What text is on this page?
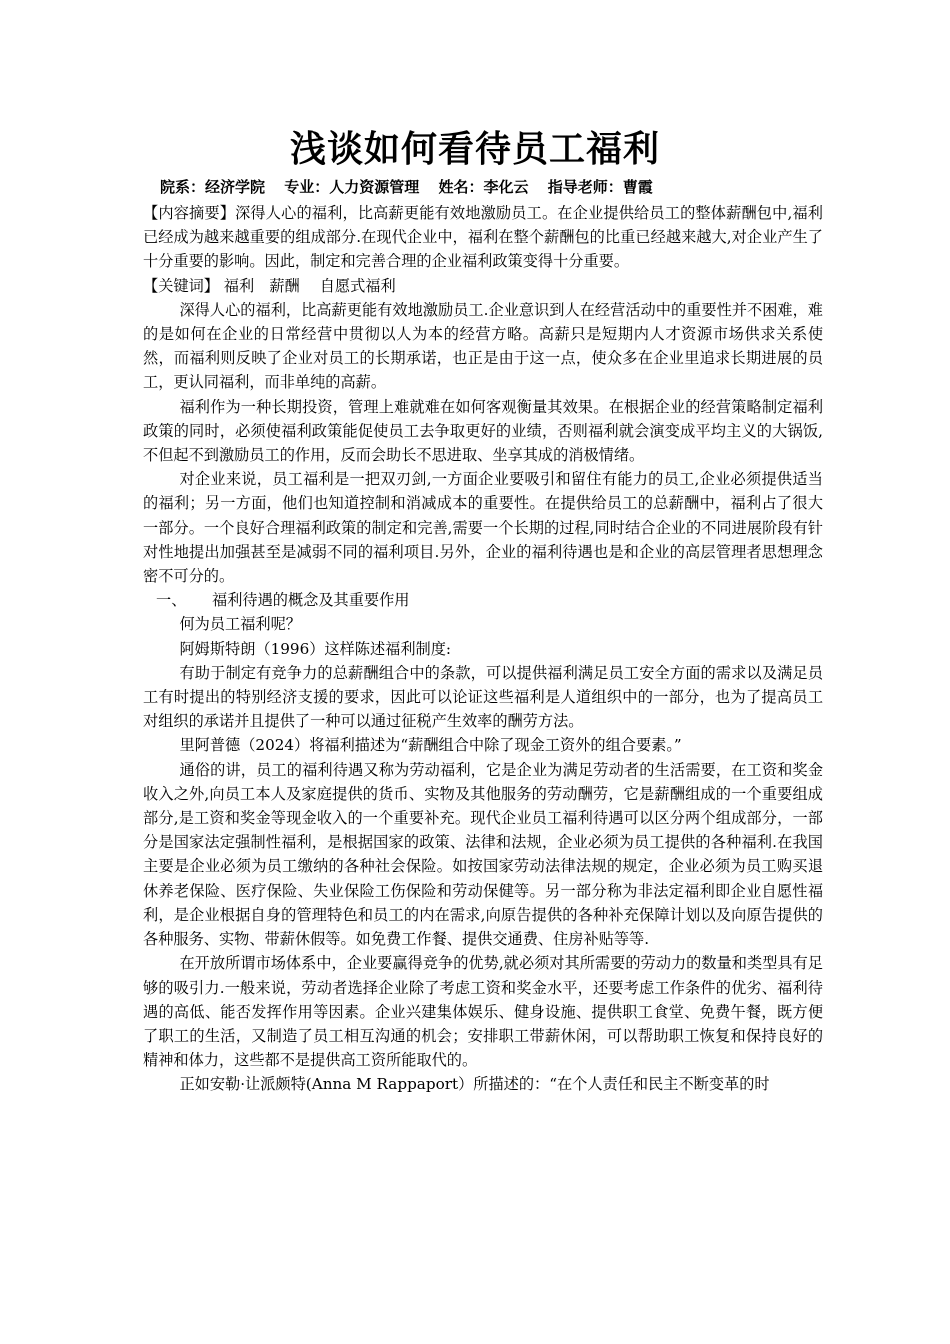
浅谈如何看待员工福利
院系：经济学院 专业：人力资源管理 姓名：李化云 指导老师：曹霞

【内容摘要】深得人心的福利，比高薪更能有效地激励员工。在企业提供给员工的整体薪酬包中,福利已经成为越来越重要的组成部分.在现代企业中，福利在整个薪酬包的比重已经越来越大,对企业产生了十分重要的影响。因此，制定和完善合理的企业福利政策变得十分重要。

【关键词】 福利　薪酬　 自愿式福利

深得人心的福利，比高薪更能有效地激励员工.企业意识到人在经营活动中的重要性并不困难，难的是如何在企业的日常经营中贯彻以人为本的经营方略。高薪只是短期内人才资源市场供求关系使然，而福利则反映了企业对员工的长期承诺，也正是由于这一点，使众多在企业里追求长期进展的员工，更认同福利，而非单纯的高薪。

福利作为一种长期投资，管理上难就难在如何客观衡量其效果。在根据企业的经营策略制定福利政策的同时，必须使福利政策能促使员工去争取更好的业绩，否则福利就会演变成平均主义的大锅饭,不但起不到激励员工的作用，反而会助长不思进取、坐享其成的消极情绪。

对企业来说，员工福利是一把双刃剑,一方面企业要吸引和留住有能力的员工,企业必须提供适当的福利；另一方面，他们也知道控制和消减成本的重要性。在提供给员工的总薪酬中，福利占了很大一部分。一个良好合理福利政策的制定和完善,需要一个长期的过程,同时结合企业的不同进展阶段有针对性地提出加强甚至是减弱不同的福利项目.另外，企业的福利待遇也是和企业的高层管理者思想理念密不可分的。

一、 福利待遇的概念及其重要作用

何为员工福利呢？

阿姆斯特朗（1996）这样陈述福利制度:

有助于制定有竞争力的总薪酬组合中的条款，可以提供福利满足员工安全方面的需求以及满足员工有时提出的特别经济支援的要求，因此可以论证这些福利是人道组织中的一部分，也为了提高员工对组织的承诺并且提供了一种可以通过征税产生效率的酬劳方法。

里阿普德（2024）将福利描述为“薪酬组合中除了现金工资外的组合要素。”

通俗的讲，员工的福利待遇又称为劳动福利，它是企业为满足劳动者的生活需要，在工资和奖金收入之外,向员工本人及家庭提供的货币、实物及其他服务的劳动酬劳，它是薪酬组成的一个重要组成部分,是工资和奖金等现金收入的一个重要补充。现代企业员工福利待遇可以区分两个组成部分，一部分是国家法定强制性福利，是根据国家的政策、法律和法规，企业必须为员工提供的各种福利.在我国主要是企业必须为员工缴纳的各种社会保险。如按国家劳动法律法规的规定，企业必须为员工购买退休养老保险、医疗保险、失业保险工伤保险和劳动保健等。另一部分称为非法定福利即企业自愿性福利，是企业根据自身的管理特色和员工的内在需求,向原告提供的各种补充保障计划以及向原告提供的各种服务、实物、带薪休假等。如免费工作餐、提供交通费、住房补贴等等.

在开放所谓市场体系中，企业要赢得竞争的优势,就必须对其所需要的劳动力的数量和类型具有足够的吸引力.一般来说，劳动者选择企业除了考虑工资和奖金水平，还要考虑工作条件的优劣、福利待遇的高低、能否发挥作用等因素。企业兴建集体娱乐、健身设施、提供职工食堂、免费午餐，既方便了职工的生活，又制造了员工相互沟通的机会；安排职工带薪休闲，可以帮助职工恢复和保持良好的精神和体力，这些都不是提供高工资所能取代的。

正如安勒·让派颇特(Anna M Rappaport）所描述的：“在个人责任和民主不断变革的时
